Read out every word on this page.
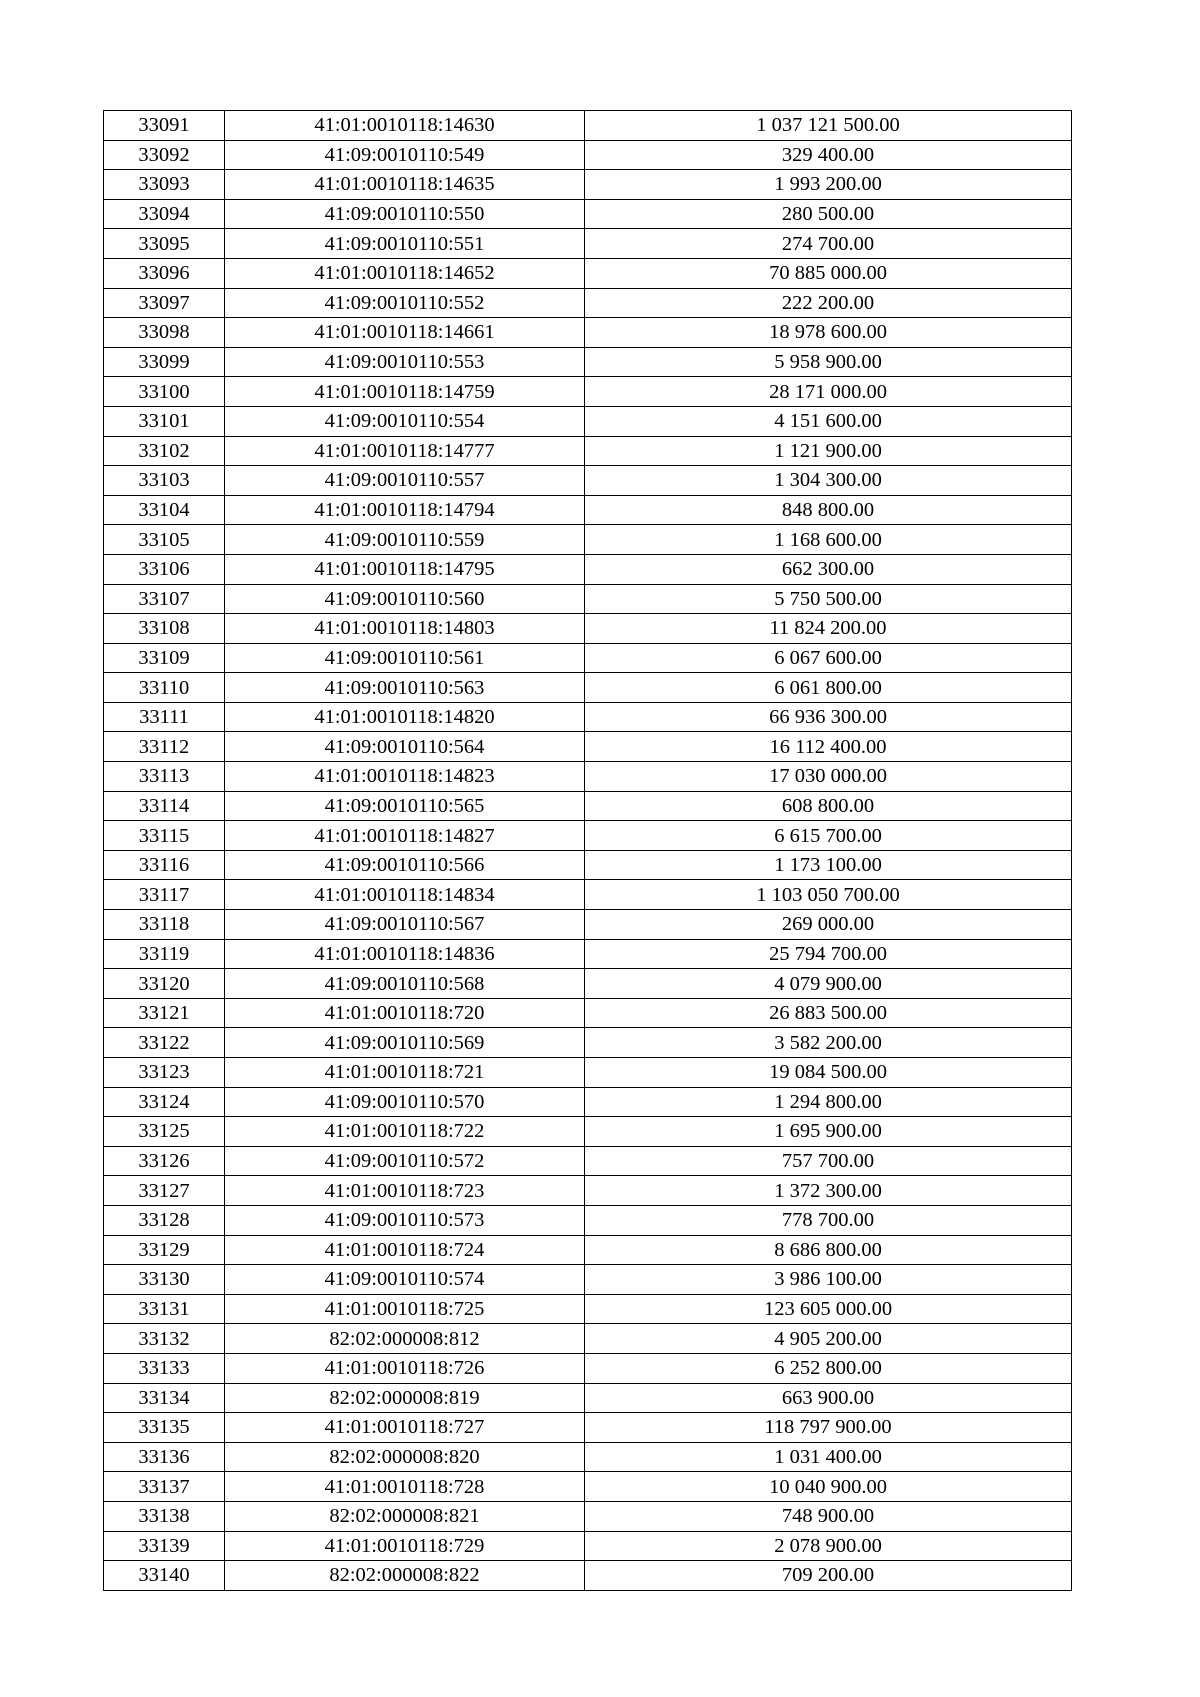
33091	41:01:0010118:14630	1 037 121 500.00
33092	41:09:0010110:549	329 400.00
33093	41:01:0010118:14635	1 993 200.00
33094	41:09:0010110:550	280 500.00
33095	41:09:0010110:551	274 700.00
33096	41:01:0010118:14652	70 885 000.00
33097	41:09:0010110:552	222 200.00
33098	41:01:0010118:14661	18 978 600.00
33099	41:09:0010110:553	5 958 900.00
33100	41:01:0010118:14759	28 171 000.00
33101	41:09:0010110:554	4 151 600.00
33102	41:01:0010118:14777	1 121 900.00
33103	41:09:0010110:557	1 304 300.00
33104	41:01:0010118:14794	848 800.00
33105	41:09:0010110:559	1 168 600.00
33106	41:01:0010118:14795	662 300.00
33107	41:09:0010110:560	5 750 500.00
33108	41:01:0010118:14803	11 824 200.00
33109	41:09:0010110:561	6 067 600.00
33110	41:09:0010110:563	6 061 800.00
33111	41:01:0010118:14820	66 936 300.00
33112	41:09:0010110:564	16 112 400.00
33113	41:01:0010118:14823	17 030 000.00
33114	41:09:0010110:565	608 800.00
33115	41:01:0010118:14827	6 615 700.00
33116	41:09:0010110:566	1 173 100.00
33117	41:01:0010118:14834	1 103 050 700.00
33118	41:09:0010110:567	269 000.00
33119	41:01:0010118:14836	25 794 700.00
33120	41:09:0010110:568	4 079 900.00
33121	41:01:0010118:720	26 883 500.00
33122	41:09:0010110:569	3 582 200.00
33123	41:01:0010118:721	19 084 500.00
33124	41:09:0010110:570	1 294 800.00
33125	41:01:0010118:722	1 695 900.00
33126	41:09:0010110:572	757 700.00
33127	41:01:0010118:723	1 372 300.00
33128	41:09:0010110:573	778 700.00
33129	41:01:0010118:724	8 686 800.00
33130	41:09:0010110:574	3 986 100.00
33131	41:01:0010118:725	123 605 000.00
33132	82:02:000008:812	4 905 200.00
33133	41:01:0010118:726	6 252 800.00
33134	82:02:000008:819	663 900.00
33135	41:01:0010118:727	118 797 900.00
33136	82:02:000008:820	1 031 400.00
33137	41:01:0010118:728	10 040 900.00
33138	82:02:000008:821	748 900.00
33139	41:01:0010118:729	2 078 900.00
33140	82:02:000008:822	709 200.00
